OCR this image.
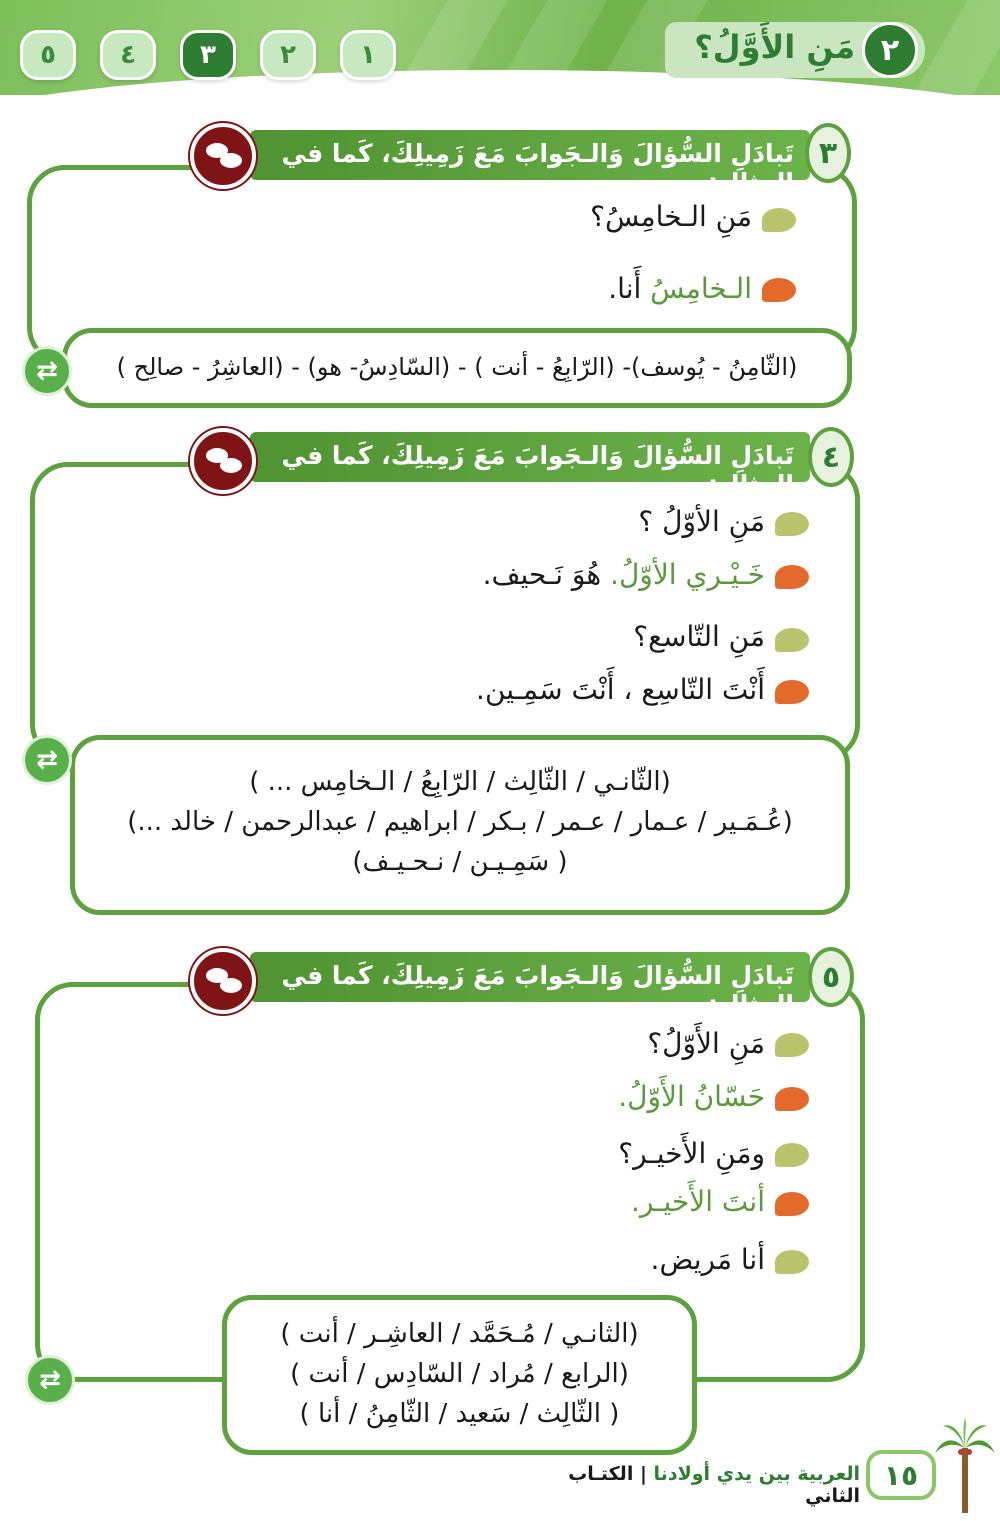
١
٢
٣
٤
٥	مَنِ الأَوَّلُ؟ ٢
تَبادَلِ السُّؤالَ وَالـجَوابَ مَعَ زَمِيلِكَ، كَما في المِثالِ:
٣
مَنِ الـخامِسُ؟
الـخامِسُ أَنا.
(الثّامِنُ - يُوسف)- (الرّابِعُ - أنت ) - (السّادِسُ- هو) - (العاشِرُ - صالِح )
⇄
تَبادَلِ السُّؤالَ وَالـجَوابَ مَعَ زَمِيلِكَ، كَما في المِثالِ:
٤
مَنِ الأوّلُ ؟
خَـيْـري الأوّلُ. هُوَ نَـحيف.
مَنِ التّاسع؟
أَنْتَ التّاسِع ، أَنْتَ سَمِـين.
(الثّانـي / الثّالِث / الرّابِعُ / الـخامِس ... )
(عُـمَـير / عـمار / عـمر / بـكر / ابراهيم / عبدالرحمن / خالد ...)
( سَمِـيـن / نـحـيـف)
⇄
تَبادَلِ السُّؤالَ وَالـجَوابَ مَعَ زَمِيلِكَ، كَما في المِثالِ:
٥
مَنِ الأَوّلُ؟
حَسّانُ الأَوّلُ.
ومَنِ الأَخيـر؟
أنتَ الأَخيـر.
أنا مَريض.
(الثانـي / مُـحَمَّد / العاشِـر / أنت )
(الرابع / مُراد / السّادِس / أنت )
( الثّالِث / سَعيد / الثّامِنُ / أنا )
⇄
العربية بين يدي أولادنا | الكتـاب الثاني
١٥
